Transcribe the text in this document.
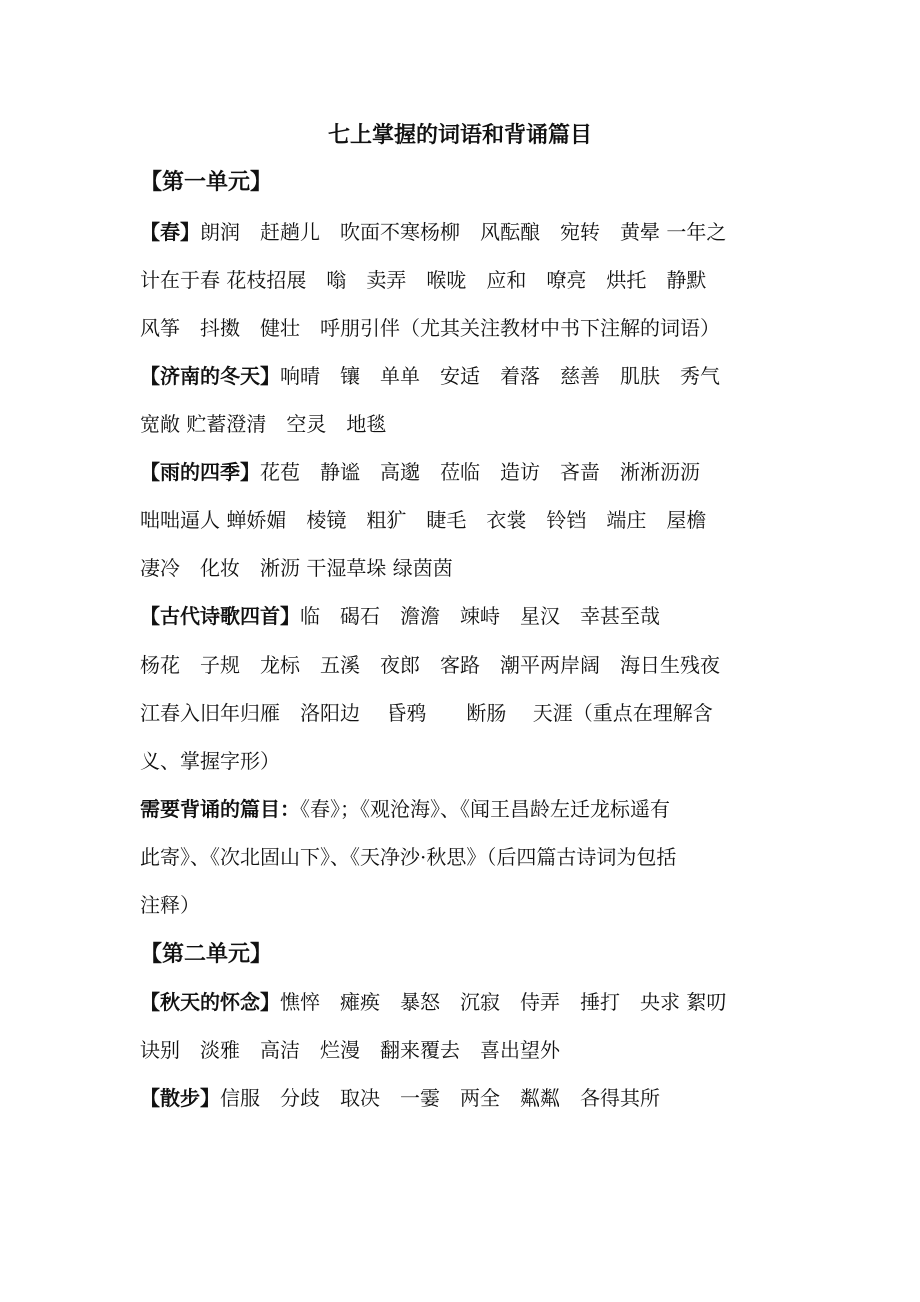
七上掌握的词语和背诵篇目
【第一单元】
【春】朗润　赶趟儿　吹面不寒杨柳　风酝酿　宛转　黄晕 一年之
计在于春 花枝招展　嗡　卖弄　喉咙　应和　嘹亮　烘托　静默
风筝　抖擞　健壮　呼朋引伴（尤其关注教材中书下注解的词语）
【济南的冬天】响晴　镶　单单　安适　着落　慈善　肌肤　秀气
宽敞 贮蓄澄清　空灵　地毯
【雨的四季】花苞　静谧　高邈　莅临　造访　吝啬　淅淅沥沥
咄咄逼人 蝉娇媚　棱镜　粗犷　睫毛　衣裳　铃铛　端庄　屋檐
凄冷　化妆　淅沥 干湿草垛 绿茵茵
【古代诗歌四首】临　碣石　澹澹　竦峙　星汉　幸甚至哉
杨花　子规　龙标　五溪　夜郎　客路　潮平两岸阔　海日生残夜
江春入旧年归雁　洛阳边　 昏鸦　　断肠　 天涯（重点在理解含
义、掌握字形）
需要背诵的篇目：《春》；《观沧海》、《闻王昌龄左迁龙标遥有
此寄》、《次北固山下》、《天净沙·秋思》（后四篇古诗词为包括
注释）
【第二单元】
【秋天的怀念】憔悴　瘫痪　暴怒　沉寂　侍弄　捶打　央求 絮叨
诀别　淡雅　高洁　烂漫　翻来覆去　喜出望外
【散步】信服　分歧　取决　一霎　两全　粼粼　各得其所
